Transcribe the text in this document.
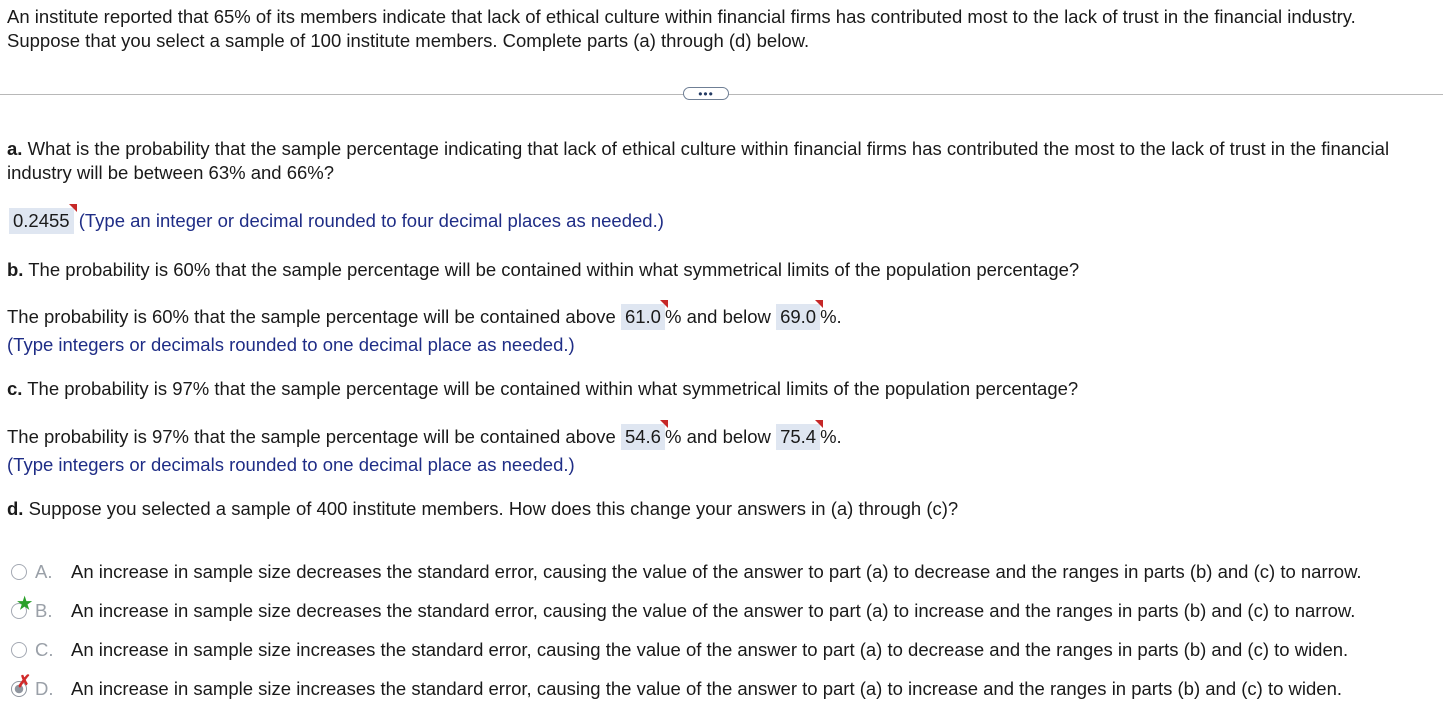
An institute reported that 65% of its members indicate that lack of ethical culture within financial firms has contributed most to the lack of trust in the financial industry.
Suppose that you select a sample of 100 institute members. Complete parts (a) through (d) below.
•••
a. What is the probability that the sample percentage indicating that lack of ethical culture within financial firms has contributed the most to the lack of trust in the financial industry will be between 63% and 66%?
0.2455 (Type an integer or decimal rounded to four decimal places as needed.)
b. The probability is 60% that the sample percentage will be contained within what symmetrical limits of the population percentage?
The probability is 60% that the sample percentage will be contained above 61.0 % and below 69.0 %.
(Type integers or decimals rounded to one decimal place as needed.)
c. The probability is 97% that the sample percentage will be contained within what symmetrical limits of the population percentage?
The probability is 97% that the sample percentage will be contained above 54.6 % and below 75.4 %.
(Type integers or decimals rounded to one decimal place as needed.)
d. Suppose you selected a sample of 400 institute members. How does this change your answers in (a) through (c)?
A.	An increase in sample size decreases the standard error, causing the value of the answer to part (a) to decrease and the ranges in parts (b) and (c) to narrow.
★ B.	An increase in sample size decreases the standard error, causing the value of the answer to part (a) to increase and the ranges in parts (b) and (c) to narrow.
C. An increase in sample size increases the standard error, causing the value of the answer to part (a) to decrease and the ranges in parts (b) and (c) to widen.
✗ D. An increase in sample size increases the standard error, causing the value of the answer to part (a) to increase and the ranges in parts (b) and (c) to widen.
